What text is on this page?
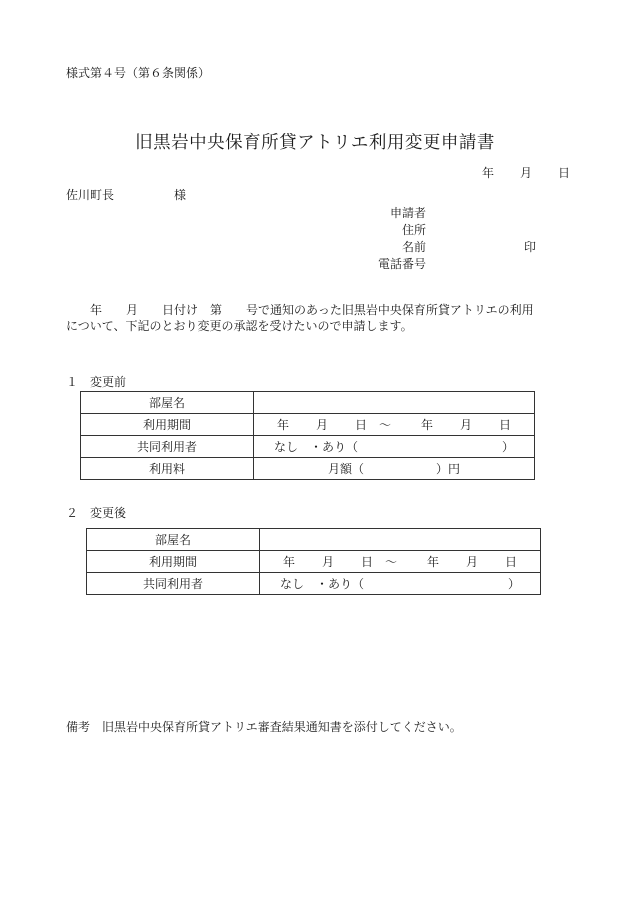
様式第４号（第６条関係）
旧黒岩中央保育所貸アトリエ利用変更申請書
年 月 日
佐川町長	様
申請者
住所
名前	印
電話番号

　　年　　月　　日付け　第　　号で通知のあった旧黒岩中央保育所貸アトリエの利用

について、下記のとおり変更の承認を受けたいので申請します。

１　変更前
部屋名	
利用期間	年 月 日 ～ 年 月 日
共同利用者	なし　・あり（　　　　　　　　　　　　）
利用料	月額（　　　　　　）円
２　変更後
部屋名	
利用期間	年 月 日 ～ 年 月 日
共同利用者	なし　・あり（　　　　　　　　　　　　）
備考　旧黒岩中央保育所貸アトリエ審査結果通知書を添付してください。
